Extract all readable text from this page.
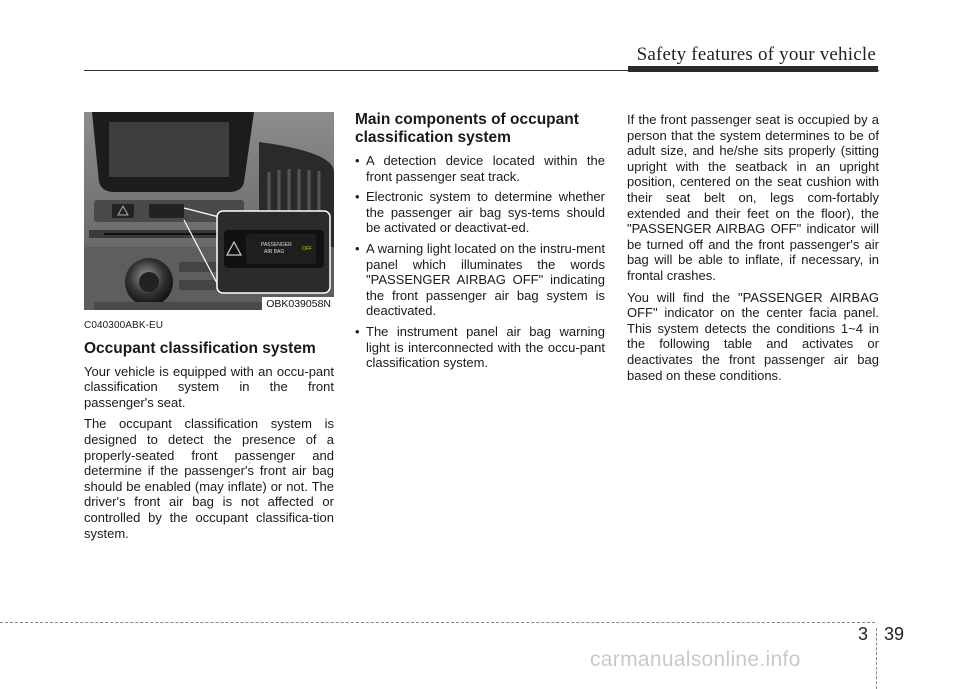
Safety features of your vehicle
PASSENGER
AIR BAG	OFF
OBK039058N
C040300ABK-EU
Occupant classification system

Your vehicle is equipped with an occu-pant classification system in the front passenger's seat.

The occupant classification system is designed to detect the presence of a properly-seated front passenger and determine if the passenger's front air bag should be enabled (may inflate) or not. The driver's front air bag is not affected or controlled by the occupant classifica-tion system.

Main components of occupant classification system
• A detection device located within the front passenger seat track.
• Electronic system to determine whether the passenger air bag sys-tems should be activated or deactivat-ed.
• A warning light located on the instru-ment panel which illuminates the words "PASSENGER AIRBAG OFF" indicating the front passenger air bag system is deactivated.
• The instrument panel air bag warning light is interconnected with the occu-pant classification system.

If the front passenger seat is occupied by a person that the system determines to be of adult size, and he/she sits properly (sitting upright with the seatback in an upright position, centered on the seat cushion with their seat belt on, legs com-fortably extended and their feet on the floor), the "PASSENGER AIRBAG OFF" indicator will be turned off and the front passenger's air bag will be able to inflate, if necessary, in frontal crashes.

You will find the "PASSENGER AIRBAG OFF" indicator on the center facia panel. This system detects the conditions 1~4 in the following table and activates or deactivates the front passenger air bag based on these conditions.

3 39
carmanualsonline.info
